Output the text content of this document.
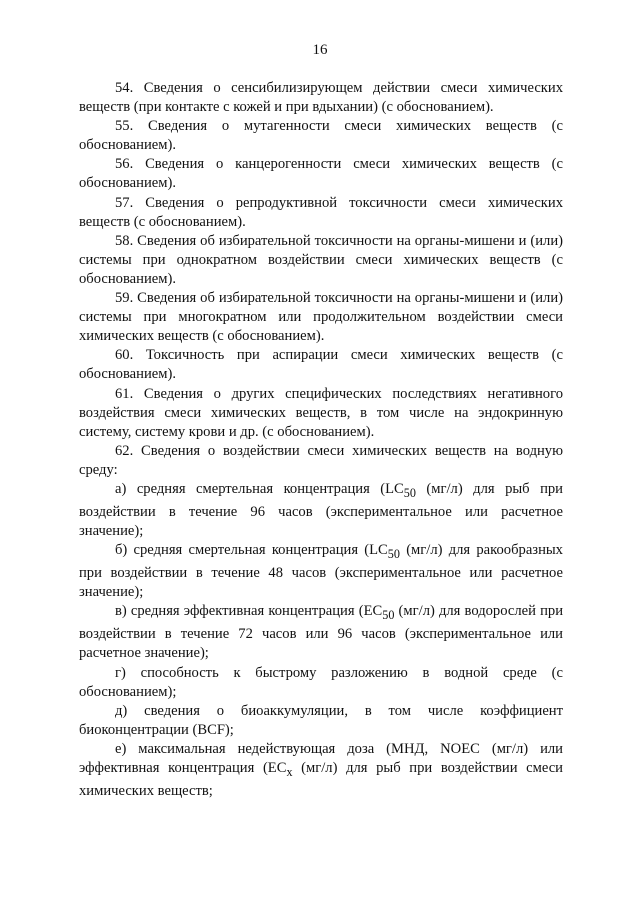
16

54. Сведения о сенсибилизирующем действии смеси химических веществ (при контакте с кожей и при вдыхании) (с обоснованием).

55. Сведения о мутагенности смеси химических веществ (с обоснованием).

56. Сведения о канцерогенности смеси химических веществ (с обоснованием).

57. Сведения о репродуктивной токсичности смеси химических веществ (с обоснованием).

58. Сведения об избирательной токсичности на органы-мишени и (или) системы при однократном воздействии смеси химических веществ (с обоснованием).

59. Сведения об избирательной токсичности на органы-мишени и (или) системы при многократном или продолжительном воздействии смеси химических веществ (с обоснованием).

60. Токсичность при аспирации смеси химических веществ (с обоснованием).

61. Сведения о других специфических последствиях негативного воздействия смеси химических веществ, в том числе на эндокринную систему, систему крови и др. (с обоснованием).

62. Сведения о воздействии смеси химических веществ на водную среду:

а) средняя смертельная концентрация ($LC_{50}$ (мг/л) для рыб при воздействии в течение 96 часов (экспериментальное или расчетное значение);

б) средняя смертельная концентрация ($LC_{50}$ (мг/л) для ракообразных при воздействии в течение 48 часов (экспериментальное или расчетное значение);

в) средняя эффективная концентрация ($EC_{50}$ (мг/л) для водорослей при воздействии в течение 72 часов или 96 часов (экспериментальное или расчетное значение);

г) способность к быстрому разложению в водной среде (с обоснованием);

д) сведения о биоаккумуляции, в том числе коэффициент биоконцентрации (BCF);

е) максимальная недействующая доза (МНД, NOEC (мг/л) или эффективная концентрация ($EC_x$ (мг/л) для рыб при воздействии смеси химических веществ;
